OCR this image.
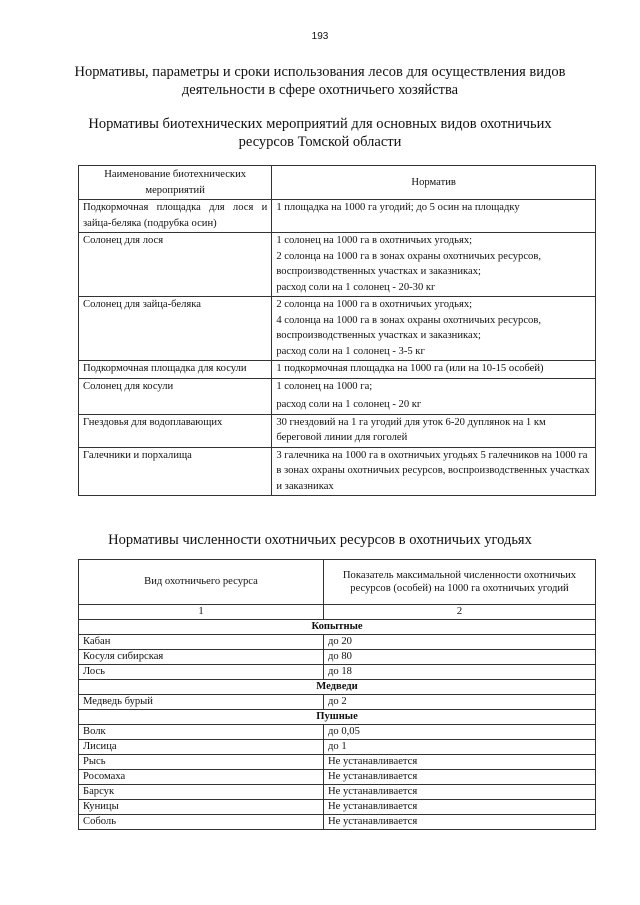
193
Нормативы, параметры и сроки использования лесов для осуществления видов
деятельности в сфере охотничьего хозяйства
Нормативы биотехнических мероприятий для основных видов охотничьих
ресурсов Томской области
Наименование биотехнических мероприятий	Норматив
Подкормочная площадка для лося и зайца-беляка (подрубка осин)	1 площадка на 1000 га угодий; до 5 осин на площадку

Солонец для лося	1 солонец на 1000 га в охотничьих угодьях;
2 солонца на 1000 га в зонах охраны охотничьих ресурсов, воспроизводственных участках и заказниках;
расход соли на 1 солонец - 20-30 кг

Солонец для зайца-беляка	2 солонца на 1000 га в охотничьих угодьях;
4 солонца на 1000 га в зонах охраны охотничьих ресурсов, воспроизводственных участках и заказниках;
расход соли на 1 солонец - 3-5 кг

Подкормочная площадка для косули	1 подкормочная площадка на 1000 га (или на 10-15 особей)

Солонец для косули	1 солонец на 1000 га;
расход соли на 1 солонец - 20 кг

Гнездовья для водоплавающих	30 гнездовий на 1 га угодий для уток 6-20 дуплянок на 1 км береговой линии для гоголей

Галечники и порхалища	3 галечника на 1000 га в охотничьих угодьях 5 галечников на 1000 га в зонах охраны охотничьих ресурсов, воспроизводственных участках и заказниках
Нормативы численности охотничьих ресурсов в охотничьих угодьях
Вид охотничьего ресурса	Показатель максимальной численности охотничьих ресурсов (особей) на 1000 га охотничьих угодий
1	2
Копытные	
Кабан	до 20
Косуля сибирская	до 80
Лось	до 18
Медведи	
Медведь бурый	до 2
Пушные	
Волк	до 0,05
Лисица	до 1
Рысь	Не устанавливается
Росомаха	Не устанавливается
Барсук	Не устанавливается
Куницы	Не устанавливается
Соболь	Не устанавливается
